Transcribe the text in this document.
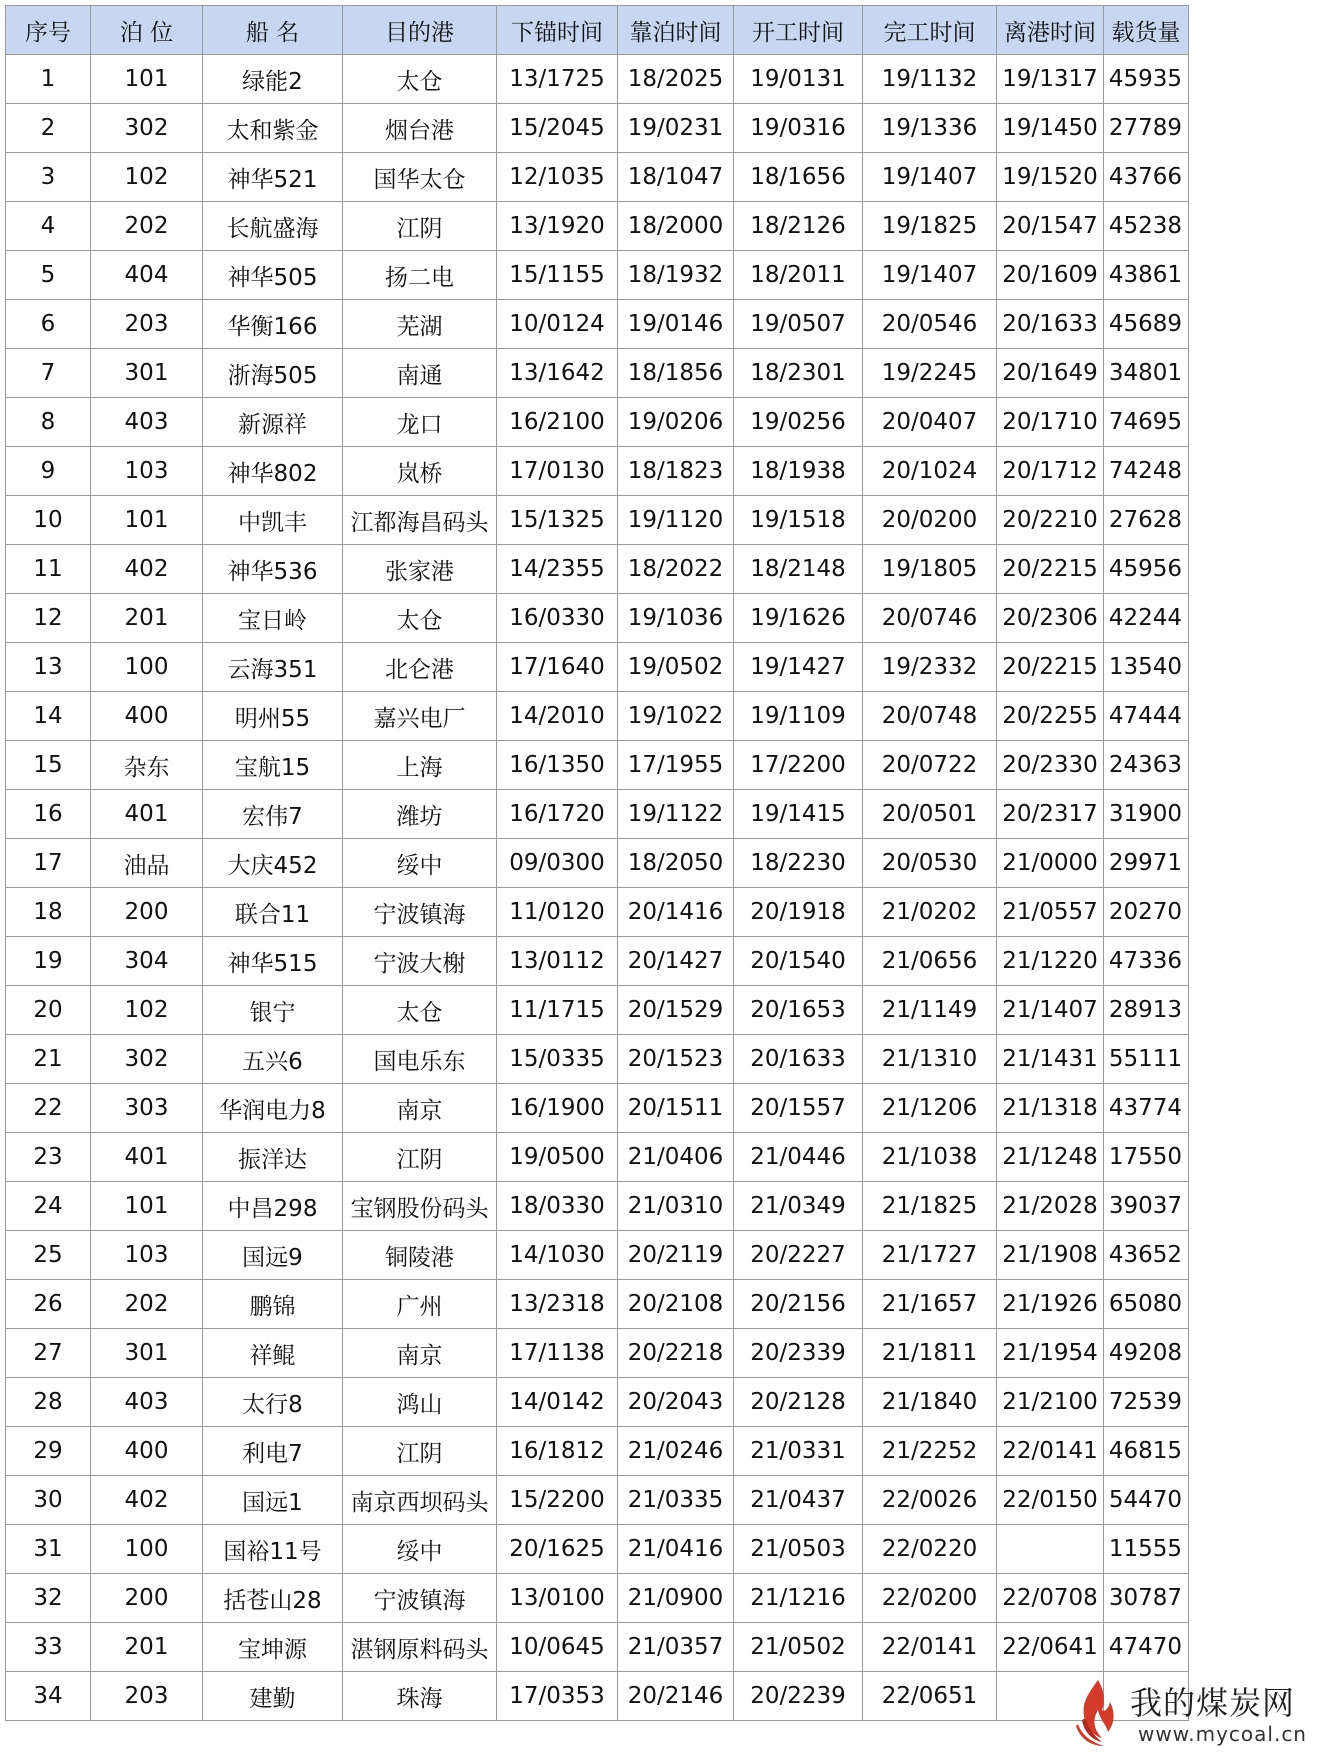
序号	泊 位	船 名	目的港	下锚时间	靠泊时间	开工时间	完工时间	离港时间	载货量
1	101	绿能2	太仓	13/1725	18/2025	19/0131	19/1132	19/1317	45935
2	302	太和紫金	烟台港	15/2045	19/0231	19/0316	19/1336	19/1450	27789
3	102	神华521	国华太仓	12/1035	18/1047	18/1656	19/1407	19/1520	43766
4	202	长航盛海	江阴	13/1920	18/2000	18/2126	19/1825	20/1547	45238
5	404	神华505	扬二电	15/1155	18/1932	18/2011	19/1407	20/1609	43861
6	203	华衡166	芜湖	10/0124	19/0146	19/0507	20/0546	20/1633	45689
7	301	浙海505	南通	13/1642	18/1856	18/2301	19/2245	20/1649	34801
8	403	新源祥	龙口	16/2100	19/0206	19/0256	20/0407	20/1710	74695
9	103	神华802	岚桥	17/0130	18/1823	18/1938	20/1024	20/1712	74248
10	101	中凯丰	江都海昌码头	15/1325	19/1120	19/1518	20/0200	20/2210	27628
11	402	神华536	张家港	14/2355	18/2022	18/2148	19/1805	20/2215	45956
12	201	宝日岭	太仓	16/0330	19/1036	19/1626	20/0746	20/2306	42244
13	100	云海351	北仑港	17/1640	19/0502	19/1427	19/2332	20/2215	13540
14	400	明州55	嘉兴电厂	14/2010	19/1022	19/1109	20/0748	20/2255	47444
15	杂东	宝航15	上海	16/1350	17/1955	17/2200	20/0722	20/2330	24363
16	401	宏伟7	潍坊	16/1720	19/1122	19/1415	20/0501	20/2317	31900
17	油品	大庆452	绥中	09/0300	18/2050	18/2230	20/0530	21/0000	29971
18	200	联合11	宁波镇海	11/0120	20/1416	20/1918	21/0202	21/0557	20270
19	304	神华515	宁波大榭	13/0112	20/1427	20/1540	21/0656	21/1220	47336
20	102	银宁	太仓	11/1715	20/1529	20/1653	21/1149	21/1407	28913
21	302	五兴6	国电乐东	15/0335	20/1523	20/1633	21/1310	21/1431	55111
22	303	华润电力8	南京	16/1900	20/1511	20/1557	21/1206	21/1318	43774
23	401	振洋达	江阴	19/0500	21/0406	21/0446	21/1038	21/1248	17550
24	101	中昌298	宝钢股份码头	18/0330	21/0310	21/0349	21/1825	21/2028	39037
25	103	国远9	铜陵港	14/1030	20/2119	20/2227	21/1727	21/1908	43652
26	202	鹏锦	广州	13/2318	20/2108	20/2156	21/1657	21/1926	65080
27	301	祥鲲	南京	17/1138	20/2218	20/2339	21/1811	21/1954	49208
28	403	太行8	鸿山	14/0142	20/2043	20/2128	21/1840	21/2100	72539
29	400	利电7	江阴	16/1812	21/0246	21/0331	21/2252	22/0141	46815
30	402	国远1	南京西坝码头	15/2200	21/0335	21/0437	22/0026	22/0150	54470
31	100	国裕11号	绥中	20/1625	21/0416	21/0503	22/0220		11555
32	200	括苍山28	宁波镇海	13/0100	21/0900	21/1216	22/0200	22/0708	30787
33	201	宝坤源	湛钢原料码头	10/0645	21/0357	21/0502	22/0141	22/0641	47470
34	203	建勤	珠海	17/0353	20/2146	20/2239	22/0651			我的煤炭网
www.mycoal.cn
